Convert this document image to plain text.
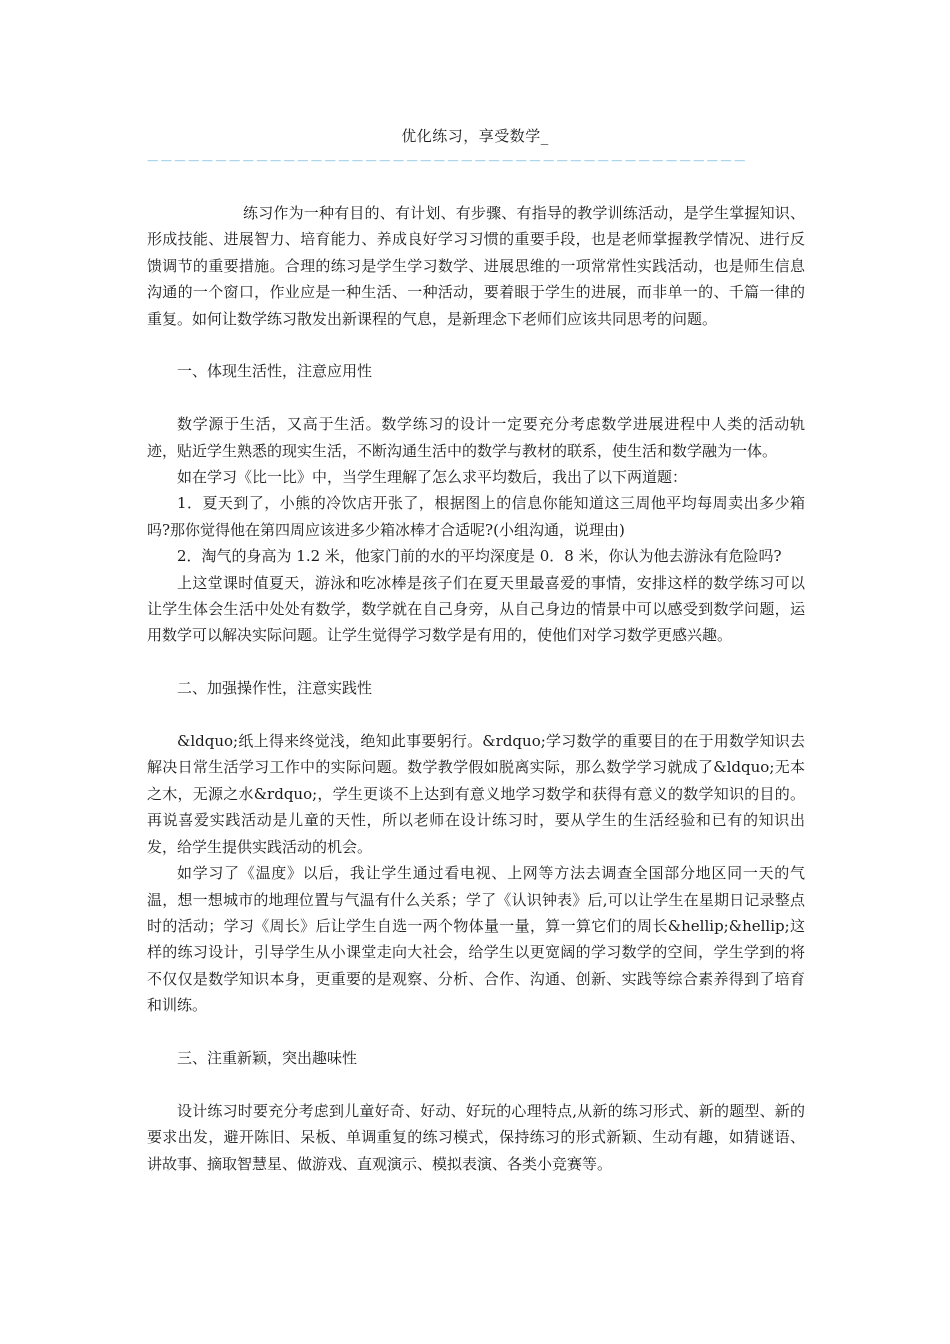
优化练习，享受数学_
－－－－－－－－－－－－－－－－－－－－－－－－－－－－－－－－－－－－－－－－－－－－

练习作为一种有目的、有计划、有步骤、有指导的教学训练活动，是学生掌握知识、形成技能、进展智力、培育能力、养成良好学习习惯的重要手段，也是老师掌握教学情况、进行反馈调节的重要措施。合理的练习是学生学习数学、进展思维的一项常常性实践活动，也是师生信息沟通的一个窗口，作业应是一种生活、一种活动，要着眼于学生的进展，而非单一的、千篇一律的重复。如何让数学练习散发出新课程的气息，是新理念下老师们应该共同思考的问题。

一、体现生活性，注意应用性

数学源于生活，又高于生活。数学练习的设计一定要充分考虑数学进展进程中人类的活动轨迹，贴近学生熟悉的现实生活，不断沟通生活中的数学与教材的联系，使生活和数学融为一体。

如在学习《比一比》中，当学生理解了怎么求平均数后，我出了以下两道题：

1．夏天到了，小熊的冷饮店开张了，根据图上的信息你能知道这三周他平均每周卖出多少箱吗?那你觉得他在第四周应该进多少箱冰棒才合适呢?(小组沟通，说理由)

2．淘气的身高为 1.2 米，他家门前的水的平均深度是 0．8 米，你认为他去游泳有危险吗?

上这堂课时值夏天，游泳和吃冰棒是孩子们在夏天里最喜爱的事情，安排这样的数学练习可以让学生体会生活中处处有数学，数学就在自己身旁，从自己身边的情景中可以感受到数学问题，运用数学可以解决实际问题。让学生觉得学习数学是有用的，使他们对学习数学更感兴趣。

二、加强操作性，注意实践性

&ldquo;纸上得来终觉浅，绝知此事要躬行。&rdquo;学习数学的重要目的在于用数学知识去解决日常生活学习工作中的实际问题。数学教学假如脱离实际，那么数学学习就成了&ldquo;无本之木，无源之水&rdquo;，学生更谈不上达到有意义地学习数学和获得有意义的数学知识的目的。再说喜爱实践活动是儿童的天性，所以老师在设计练习时，要从学生的生活经验和已有的知识出发，给学生提供实践活动的机会。

如学习了《温度》以后，我让学生通过看电视、上网等方法去调查全国部分地区同一天的气温，想一想城市的地理位置与气温有什么关系；学了《认识钟表》后,可以让学生在星期日记录整点时的活动；学习《周长》后让学生自选一两个物体量一量，算一算它们的周长&hellip;&hellip;这样的练习设计，引导学生从小课堂走向大社会，给学生以更宽阔的学习数学的空间，学生学到的将不仅仅是数学知识本身，更重要的是观察、分析、合作、沟通、创新、实践等综合素养得到了培育和训练。

三、注重新颖，突出趣味性

设计练习时要充分考虑到儿童好奇、好动、好玩的心理特点,从新的练习形式、新的题型、新的要求出发，避开陈旧、呆板、单调重复的练习模式，保持练习的形式新颖、生动有趣，如猜谜语、讲故事、摘取智慧星、做游戏、直观演示、模拟表演、各类小竞赛等。
